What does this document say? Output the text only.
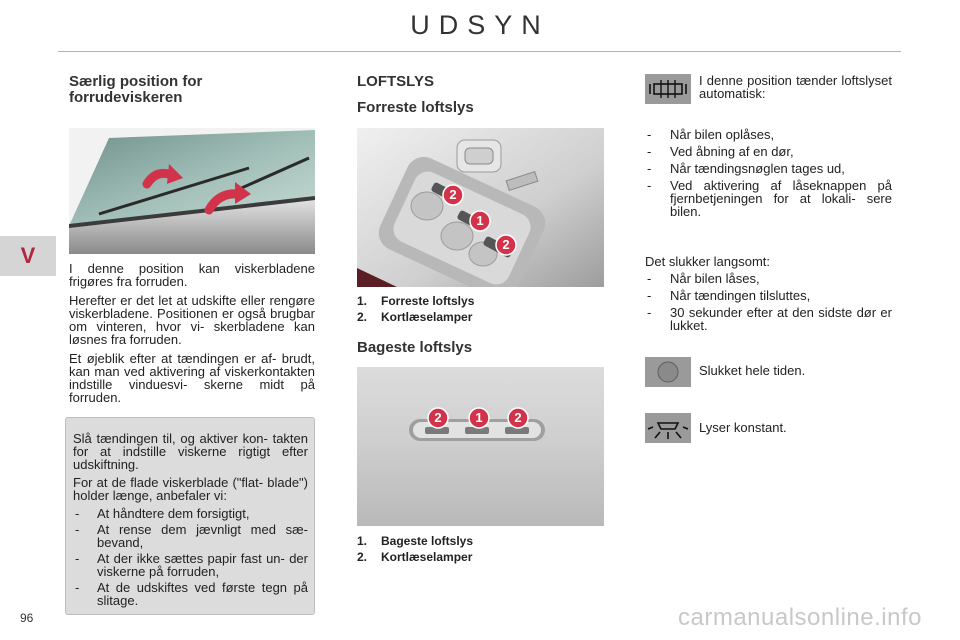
UDSYN
V
Særlig position for forrudeviskeren

I denne position kan viskerbladene frigøres fra forruden.

Herefter er det let at udskifte eller rengøre viskerbladene. Positionen er også brugbar om vinteren, hvor vi- skerbladene kan løsnes fra forruden.

Et øjeblik efter at tændingen er af- brudt, kan man ved aktivering af viskerkontakten indstille vinduesvi- skerne midt på forruden.

Slå tændingen til, og aktiver kon- takten for at indstille viskerne rigtigt efter udskiftning.

For at de flade viskerblade ("flat- blade") holder længe, anbefaler vi:

- At håndtere dem forsigtigt,
- At rense dem jævnligt med sæ- bevand,
- At der ikke sættes papir fast un- der viskerne på forruden,
- At de udskiftes ved første tegn på slitage.
LOFTSLYS
Forreste loftslys
2
1
2
1. Forreste loftslys
2. Kortlæselamper
Bageste loftslys
2	1	2
1. Bageste loftslys
2. Kortlæselamper
I denne position tænder loftslyset automatisk:
- Når bilen oplåses,
- Ved åbning af en dør,
- Når tændingsnøglen tages ud,
- Ved aktivering af låseknappen på fjernbetjeningen for at lokali- sere bilen.
Det slukker langsomt:
- Når bilen låses,
- Når tændingen tilsluttes,
- 30 sekunder efter at den sidste dør er lukket.
Slukket hele tiden.
Lyser konstant.
96	carmanualsonline.info
